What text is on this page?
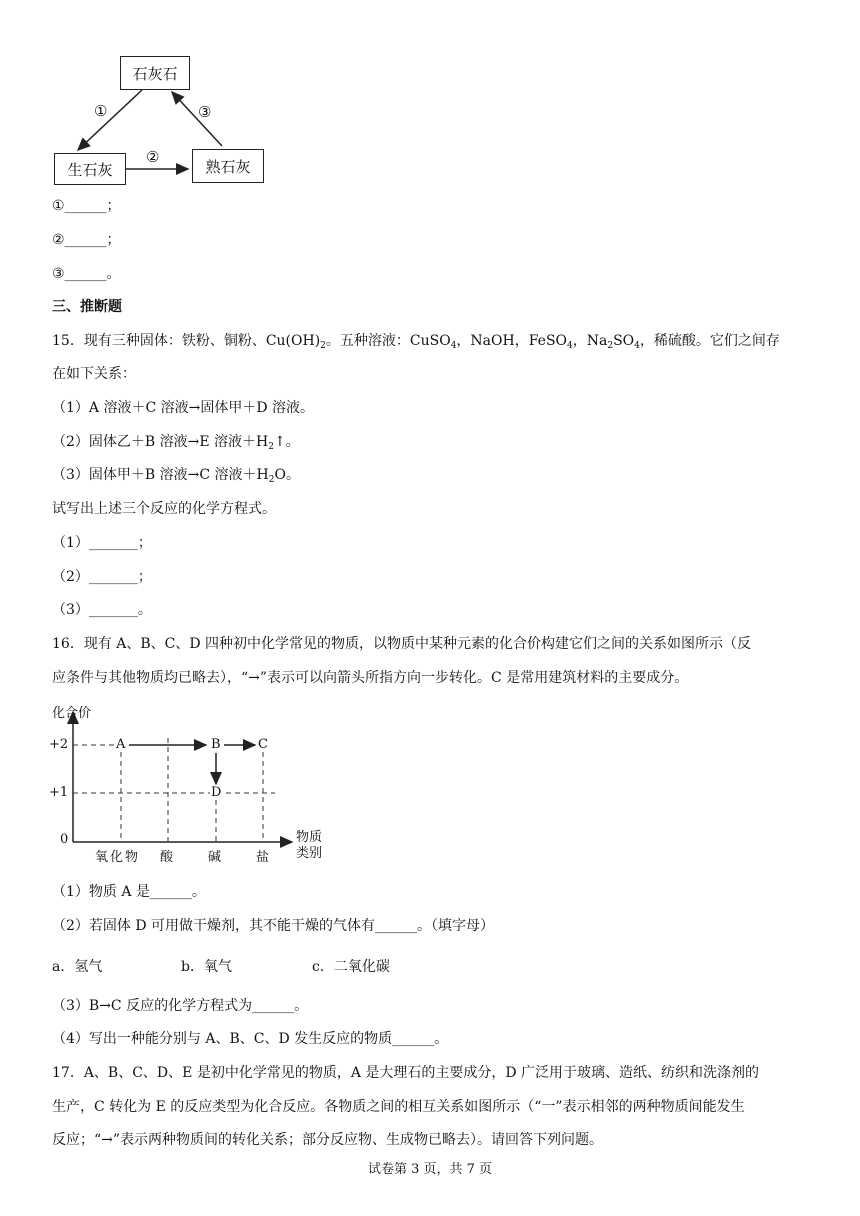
石灰石
生石灰	熟石灰
①
②
③
①______；
②______；
③______。
三、推断题
15．现有三种固体：铁粉、铜粉、$Cu(OH)_2$。五种溶液：CuSO$_4$，NaOH，FeSO$_4$，$Na_2SO_4$，稀硫酸。它们之间存
在如下关系：
（1）A 溶液＋C 溶液→固体甲＋D 溶液。
（2）固体乙＋B 溶液→E 溶液$+H_2↑$。
（3）固体甲＋B 溶液→C 溶液$+H_2O$。
试写出上述三个反应的化学方程式。
（1）_______；
（2）_______；
（3）_______。
16．现有 A、B、C、D 四种初中化学常见的物质，以物质中某种元素的化合价构建它们之间的关系如图所示（反
应条件与其他物质均已略去），“→”表示可以向箭头所指方向一步转化。C 是常用建筑材料的主要成分。
化合价
+2
+1
0
A	B	C
D
物质
类别
氧化物 酸	碱	盐
（1）物质 A 是______。
（2）若固体 D 可用做干燥剂，其不能干燥的气体有______。（填字母）
a．氢气	b．氧气	c．二氧化碳
（3）B→C 反应的化学方程式为______。
（4）写出一种能分别与 A、B、C、D 发生反应的物质______。
17．A、B、C、D、E 是初中化学常见的物质，A 是大理石的主要成分，D 广泛用于玻璃、造纸、纺织和洗涤剂的
生产，C 转化为 E 的反应类型为化合反应。各物质之间的相互关系如图所示（“一”表示相邻的两种物质间能发生
反应；“→”表示两种物质间的转化关系；部分反应物、生成物已略去）。请回答下列问题。
试卷第 3 页，共 7 页
